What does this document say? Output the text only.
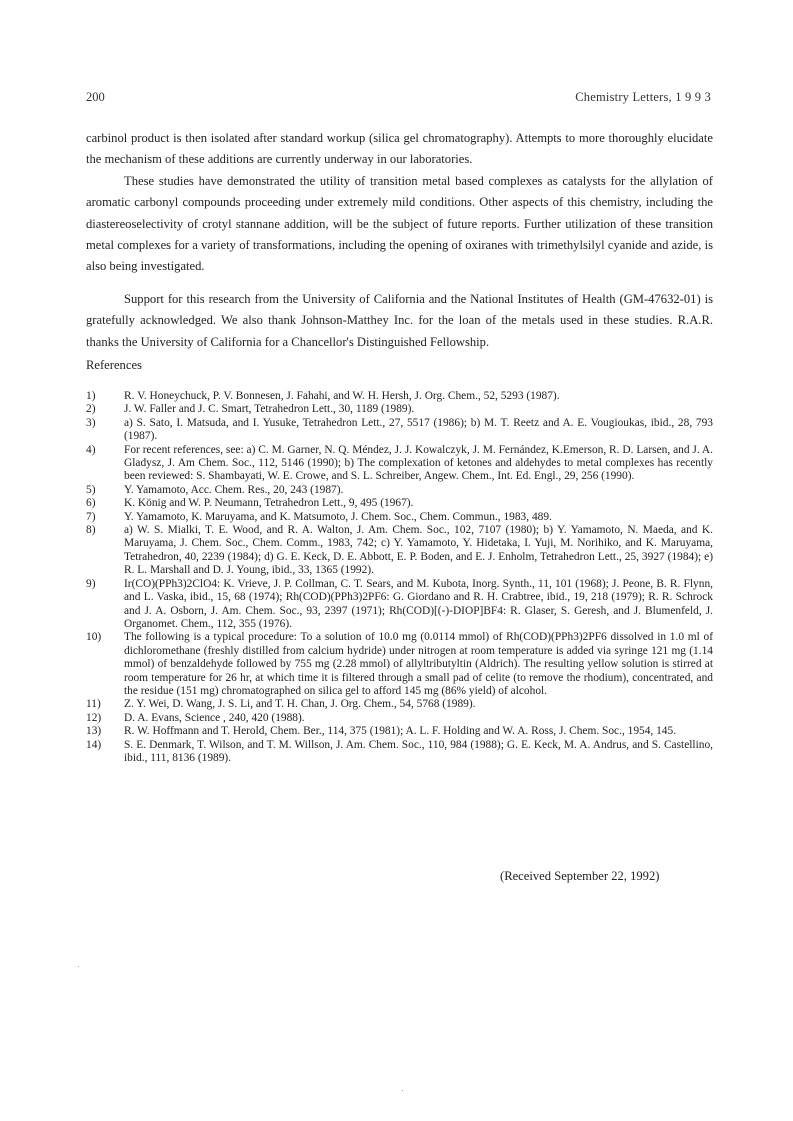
200	Chemistry Letters, 1 9 9 3

carbinol product is then isolated after standard workup (silica gel chromatography). Attempts to more thoroughly elucidate the mechanism of these additions are currently underway in our laboratories.

These studies have demonstrated the utility of transition metal based complexes as catalysts for the allylation of aromatic carbonyl compounds proceeding under extremely mild conditions. Other aspects of this chemistry, including the diastereoselectivity of crotyl stannane addition, will be the subject of future reports. Further utilization of these transition metal complexes for a variety of transformations, including the opening of oxiranes with trimethylsilyl cyanide and azide, is also being investigated.

Support for this research from the University of California and the National Institutes of Health (GM-47632-01) is gratefully acknowledged. We also thank Johnson-Matthey Inc. for the loan of the metals used in these studies. R.A.R. thanks the University of California for a Chancellor's Distinguished Fellowship.

References
1)	R. V. Honeychuck, P. V. Bonnesen, J. Fahahi, and W. H. Hersh, J. Org. Chem., 52, 5293 (1987).
2)	J. W. Faller and J. C. Smart, Tetrahedron Lett., 30, 1189 (1989).
3)	a) S. Sato, I. Matsuda, and I. Yusuke, Tetrahedron Lett., 27, 5517 (1986); b) M. T. Reetz and A. E. Vougioukas, ibid., 28, 793 (1987).
4)	For recent references, see: a) C. M. Garner, N. Q. Méndez, J. J. Kowalczyk, J. M. Fernández, K.Emerson, R. D. Larsen, and J. A. Gladysz, J. Am Chem. Soc., 112, 5146 (1990); b) The complexation of ketones and aldehydes to metal complexes has recently been reviewed: S. Shambayati, W. E. Crowe, and S. L. Schreiber, Angew. Chem., Int. Ed. Engl., 29, 256 (1990).
5)	Y. Yamamoto, Acc. Chem. Res., 20, 243 (1987).
6)	K. König and W. P. Neumann, Tetrahedron Lett., 9, 495 (1967).
7)	Y. Yamamoto, K. Maruyama, and K. Matsumoto, J. Chem. Soc., Chem. Commun., 1983, 489.
8)	a) W. S. Mialki, T. E. Wood, and R. A. Walton, J. Am. Chem. Soc., 102, 7107 (1980); b) Y. Yamamoto, N. Maeda, and K. Maruyama, J. Chem. Soc., Chem. Comm., 1983, 742; c) Y. Yamamoto, Y. Hidetaka, I. Yuji, M. Norihiko, and K. Maruyama, Tetrahedron, 40, 2239 (1984); d) G. E. Keck, D. E. Abbott, E. P. Boden, and E. J. Enholm, Tetrahedron Lett., 25, 3927 (1984); e) R. L. Marshall and D. J. Young, ibid., 33, 1365 (1992).
9)	Ir(CO)(PPh3)2ClO4: K. Vrieve, J. P. Collman, C. T. Sears, and M. Kubota, Inorg. Synth., 11, 101 (1968); J. Peone, B. R. Flynn, and L. Vaska, ibid., 15, 68 (1974); Rh(COD)(PPh3)2PF6: G. Giordano and R. H. Crabtree, ibid., 19, 218 (1979); R. R. Schrock and J. A. Osborn, J. Am. Chem. Soc., 93, 2397 (1971); Rh(COD)[(-)-DIOP]BF4: R. Glaser, S. Geresh, and J. Blumenfeld, J. Organomet. Chem., 112, 355 (1976).
10)	The following is a typical procedure: To a solution of 10.0 mg (0.0114 mmol) of Rh(COD)(PPh3)2PF6 dissolved in 1.0 ml of dichloromethane (freshly distilled from calcium hydride) under nitrogen at room temperature is added via syringe 121 mg (1.14 mmol) of benzaldehyde followed by 755 mg (2.28 mmol) of allyltributyltin (Aldrich). The resulting yellow solution is stirred at room temperature for 26 hr, at which time it is filtered through a small pad of celite (to remove the rhodium), concentrated, and the residue (151 mg) chromatographed on silica gel to afford 145 mg (86% yield) of alcohol.
11)	Z. Y. Wei, D. Wang, J. S. Li, and T. H. Chan, J. Org. Chem., 54, 5768 (1989).
12)	D. A. Evans, Science , 240, 420 (1988).
13)	R. W. Hoffmann and T. Herold, Chem. Ber., 114, 375 (1981); A. L. F. Holding and W. A. Ross, J. Chem. Soc., 1954, 145.
14)	S. E. Denmark, T. Wilson, and T. M. Willson, J. Am. Chem. Soc., 110, 984 (1988); G. E. Keck, M. A. Andrus, and S. Castellino, ibid., 111, 8136 (1989).
(Received September 22, 1992)
